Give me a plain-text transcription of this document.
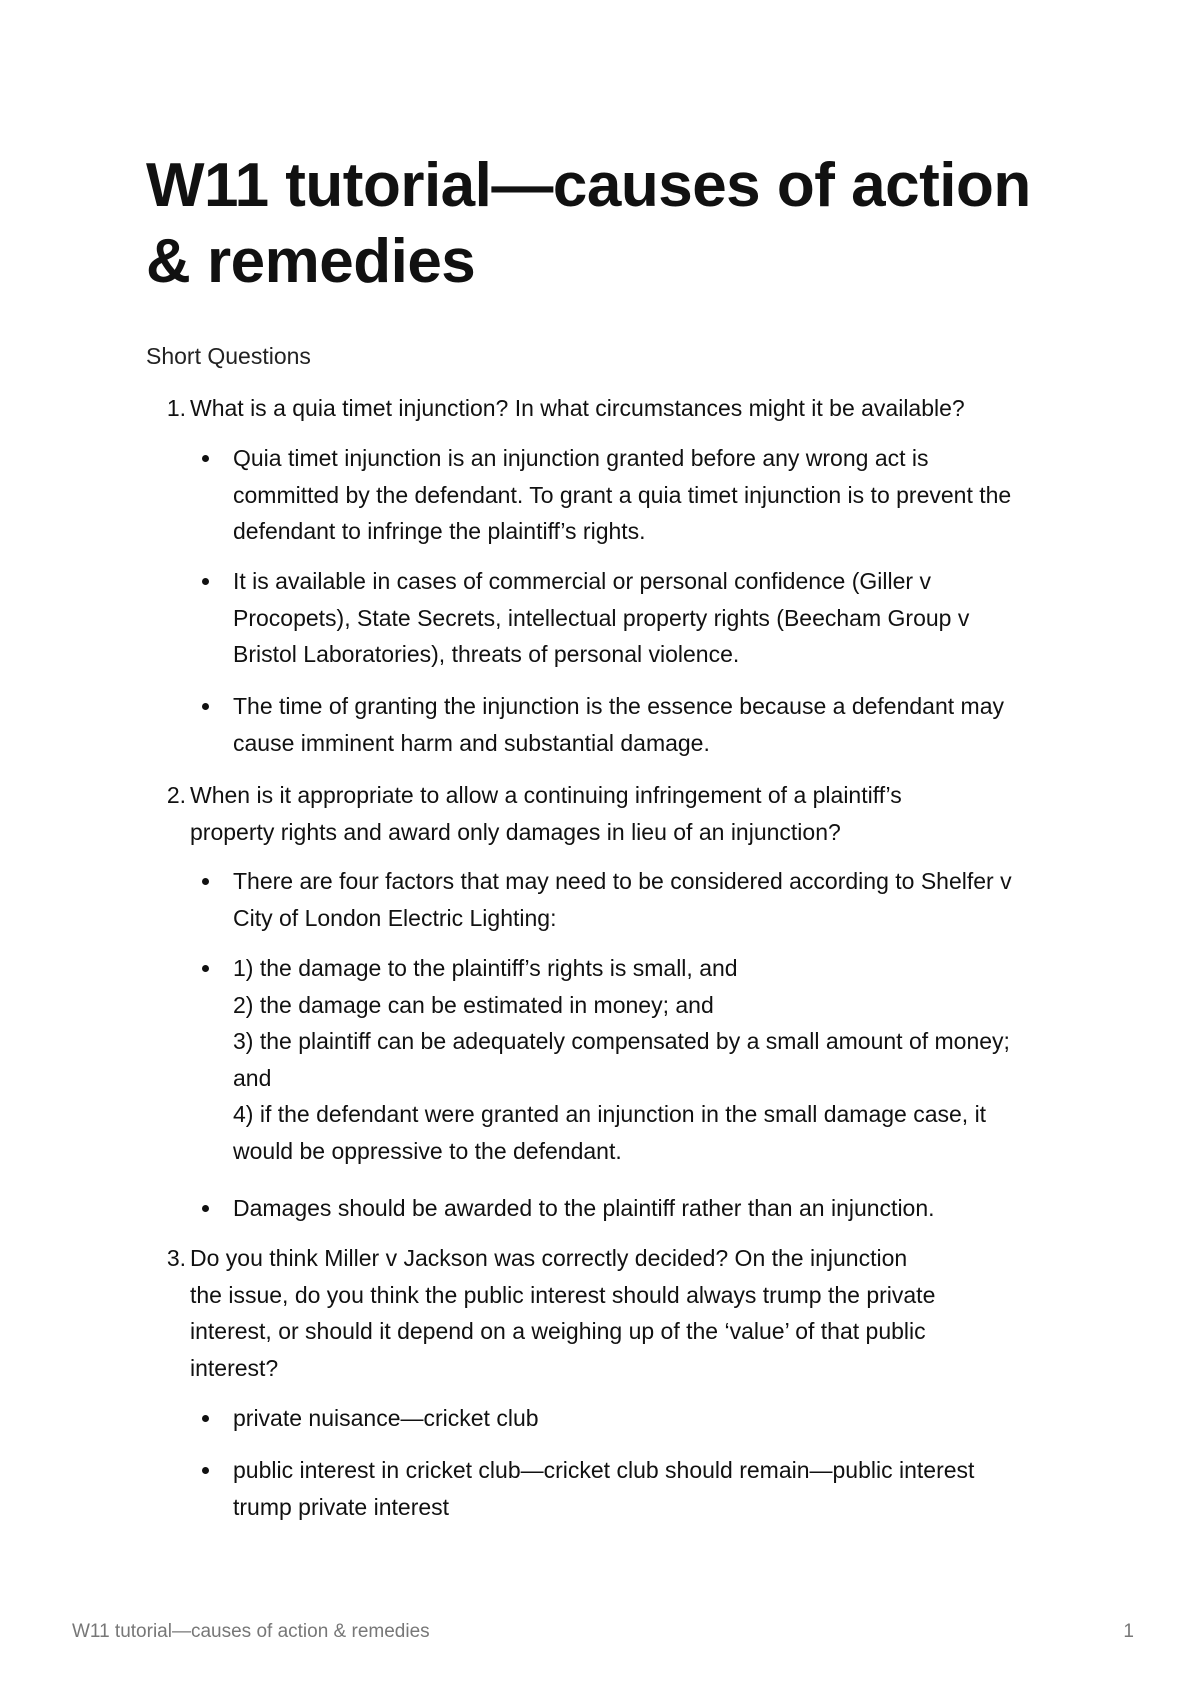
W11 tutorial—causes of action
& remedies

Short Questions

1. What is a quia timet injunction? In what circumstances might it be available?
Quia timet injunction is an injunction granted before any wrong act is
committed by the defendant. To grant a quia timet injunction is to prevent the
defendant to infringe the plaintiff’s rights.
It is available in cases of commercial or personal confidence (Giller v
Procopets), State Secrets, intellectual property rights (Beecham Group v
Bristol Laboratories), threats of personal violence.
The time of granting the injunction is the essence because a defendant may
cause imminent harm and substantial damage.
2. When is it appropriate to allow a continuing infringement of a plaintiff’s
property rights and award only damages in lieu of an injunction?
There are four factors that may need to be considered according to Shelfer v
City of London Electric Lighting:
1) the damage to the plaintiff’s rights is small, and
2) the damage can be estimated in money; and
3) the plaintiff can be adequately compensated by a small amount of money;
and
4) if the defendant were granted an injunction in the small damage case, it
would be oppressive to the defendant.
Damages should be awarded to the plaintiff rather than an injunction.
3. Do you think Miller v Jackson was correctly decided? On the injunction
the issue, do you think the public interest should always trump the private
interest, or should it depend on a weighing up of the ‘value’ of that public
interest?
private nuisance—cricket club
public interest in cricket club—cricket club should remain—public interest
trump private interest
W11 tutorial—causes of action & remedies	1
